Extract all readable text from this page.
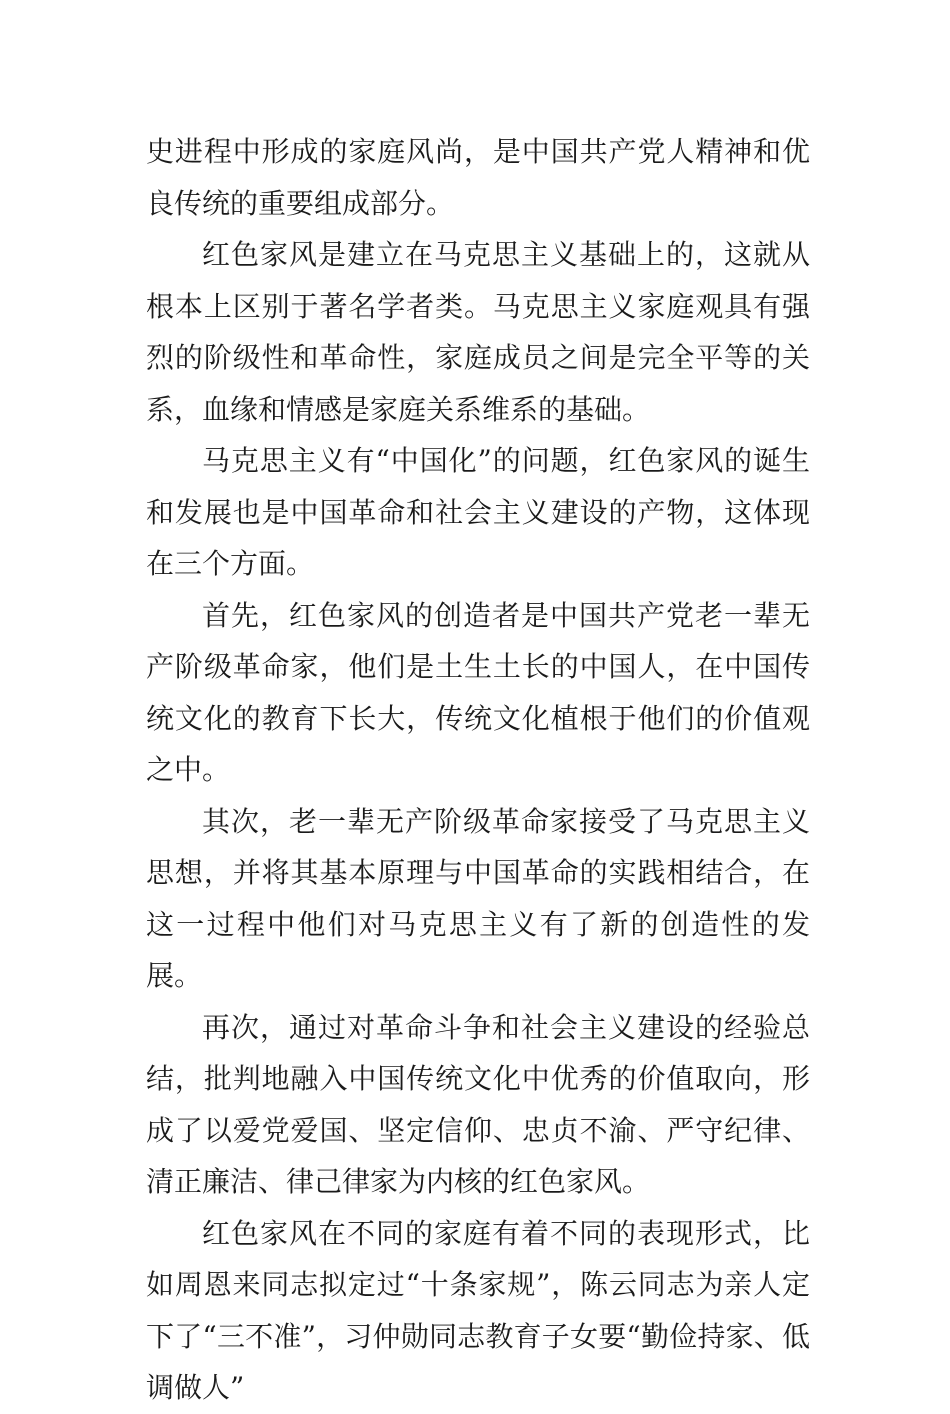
史进程中形成的家庭风尚，是中国共产党人精神和优良传统的重要组成部分。

红色家风是建立在马克思主义基础上的，这就从根本上区别于著名学者类。马克思主义家庭观具有强烈的阶级性和革命性，家庭成员之间是完全平等的关系，血缘和情感是家庭关系维系的基础。

马克思主义有“中国化”的问题，红色家风的诞生和发展也是中国革命和社会主义建设的产物，这体现在三个方面。

首先，红色家风的创造者是中国共产党老一辈无产阶级革命家，他们是土生土长的中国人，在中国传统文化的教育下长大，传统文化植根于他们的价值观之中。

其次，老一辈无产阶级革命家接受了马克思主义思想，并将其基本原理与中国革命的实践相结合，在这一过程中他们对马克思主义有了新的创造性的发展。

再次，通过对革命斗争和社会主义建设的经验总结，批判地融入中国传统文化中优秀的价值取向，形成了以爱党爱国、坚定信仰、忠贞不渝、严守纪律、清正廉洁、律己律家为内核的红色家风。

红色家风在不同的家庭有着不同的表现形式，比如周恩来同志拟定过“十条家规”，陈云同志为亲人定下了“三不准”，习仲勋同志教育子女要“勤俭持家、低调做人”
